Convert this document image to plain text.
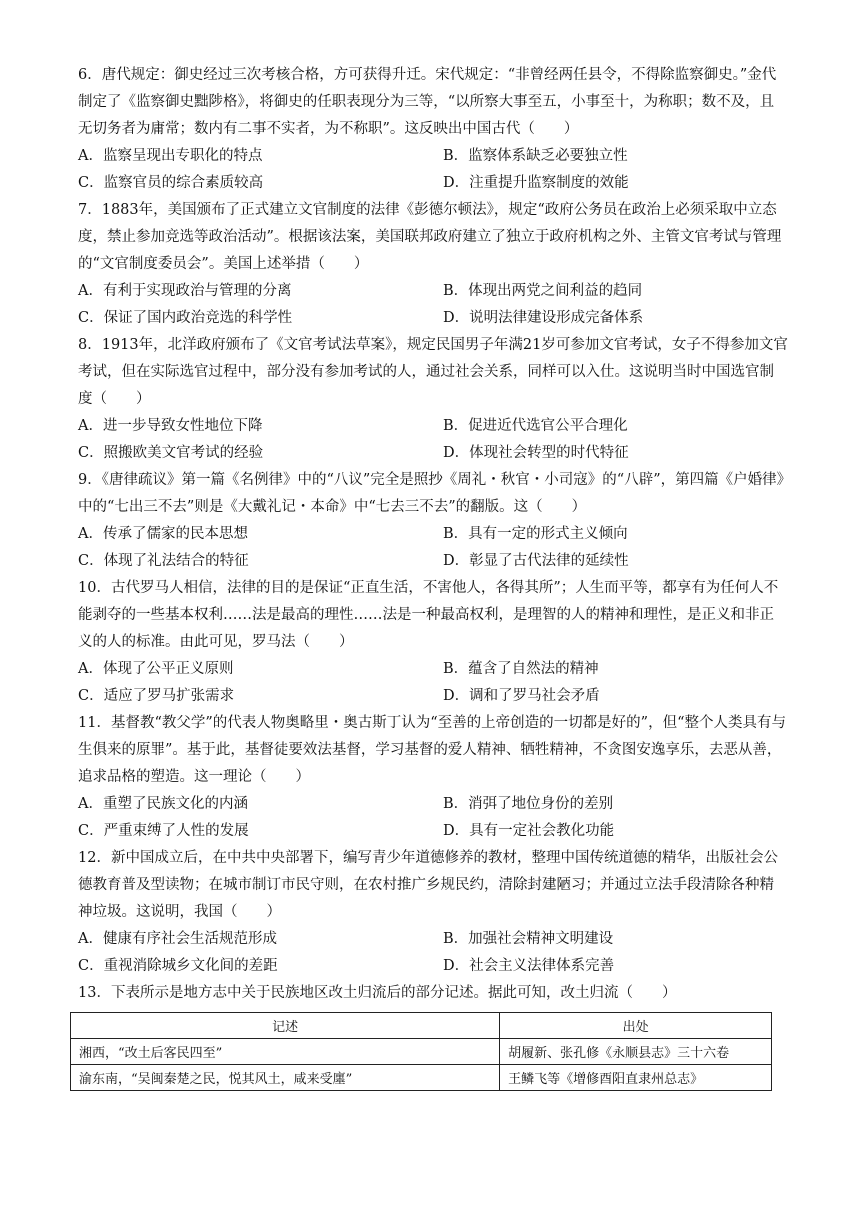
6．唐代规定：御史经过三次考核合格，方可获得升迁。宋代规定：“非曾经两任县令，不得除监察御史。”金代制定了《监察御史黜陟格》，将御史的任职表现分为三等，“以所察大事至五，小事至十，为称职；数不及，且无切务者为庸常；数内有二事不实者，为不称职”。这反映出中国古代（　　）

A．监察呈现出专职化的特点	B．监察体系缺乏必要独立性
C．监察官员的综合素质较高	D．注重提升监察制度的效能

7．1883年，美国颁布了正式建立文官制度的法律《彭德尔顿法》，规定“政府公务员在政治上必须采取中立态度，禁止参加竞选等政治活动”。根据该法案，美国联邦政府建立了独立于政府机构之外、主管文官考试与管理的“文官制度委员会”。美国上述举措（　　）

A．有利于实现政治与管理的分离	B．体现出两党之间利益的趋同
C．保证了国内政治竞选的科学性	D．说明法律建设形成完备体系

8．1913年，北洋政府颁布了《文官考试法草案》，规定民国男子年满21岁可参加文官考试，女子不得参加文官考试，但在实际选官过程中，部分没有参加考试的人，通过社会关系，同样可以入仕。这说明当时中国选官制度（　　）

A．进一步导致女性地位下降	B．促进近代选官公平合理化
C．照搬欧美文官考试的经验	D．体现社会转型的时代特征

9．《唐律疏议》第一篇《名例律》中的“八议”完全是照抄《周礼・秋官・小司寇》的“八辟”，第四篇《户婚律》中的“七出三不去”则是《大戴礼记・本命》中“七去三不去”的翻版。这（　　）

A．传承了儒家的民本思想	B．具有一定的形式主义倾向
C．体现了礼法结合的特征	D．彰显了古代法律的延续性

10．古代罗马人相信，法律的目的是保证“正直生活，不害他人，各得其所”；人生而平等，都享有为任何人不能剥夺的一些基本权利……法是最高的理性……法是一种最高权利，是理智的人的精神和理性，是正义和非正义的人的标准。由此可见，罗马法（　　）

A．体现了公平正义原则	B．蕴含了自然法的精神
C．适应了罗马扩张需求	D．调和了罗马社会矛盾

11．基督教“教父学”的代表人物奥略里・奥古斯丁认为“至善的上帝创造的一切都是好的”，但“整个人类具有与生俱来的原罪”。基于此，基督徒要效法基督，学习基督的爱人精神、牺牲精神，不贪图安逸享乐，去恶从善，追求品格的塑造。这一理论（　　）

A．重塑了民族文化的内涵	B．消弭了地位身份的差别
C．严重束缚了人性的发展	D．具有一定社会教化功能

12．新中国成立后，在中共中央部署下，编写青少年道德修养的教材，整理中国传统道德的精华，出版社会公德教育普及型读物；在城市制订市民守则，在农村推广乡规民约，清除封建陋习；并通过立法手段清除各种精神垃圾。这说明，我国（　　）

A．健康有序社会生活规范形成	B．加强社会精神文明建设
C．重视消除城乡文化间的差距	D．社会主义法律体系完善

13．下表所示是地方志中关于民族地区改土归流后的部分记述。据此可知，改土归流（　　）

记述	出处
湘西，“改土后客民四至”	胡履新、张孔修《永顺县志》三十六卷
渝东南，“吴闽秦楚之民，悦其风土，咸来受廛”	王鳞飞等《增修酉阳直隶州总志》
